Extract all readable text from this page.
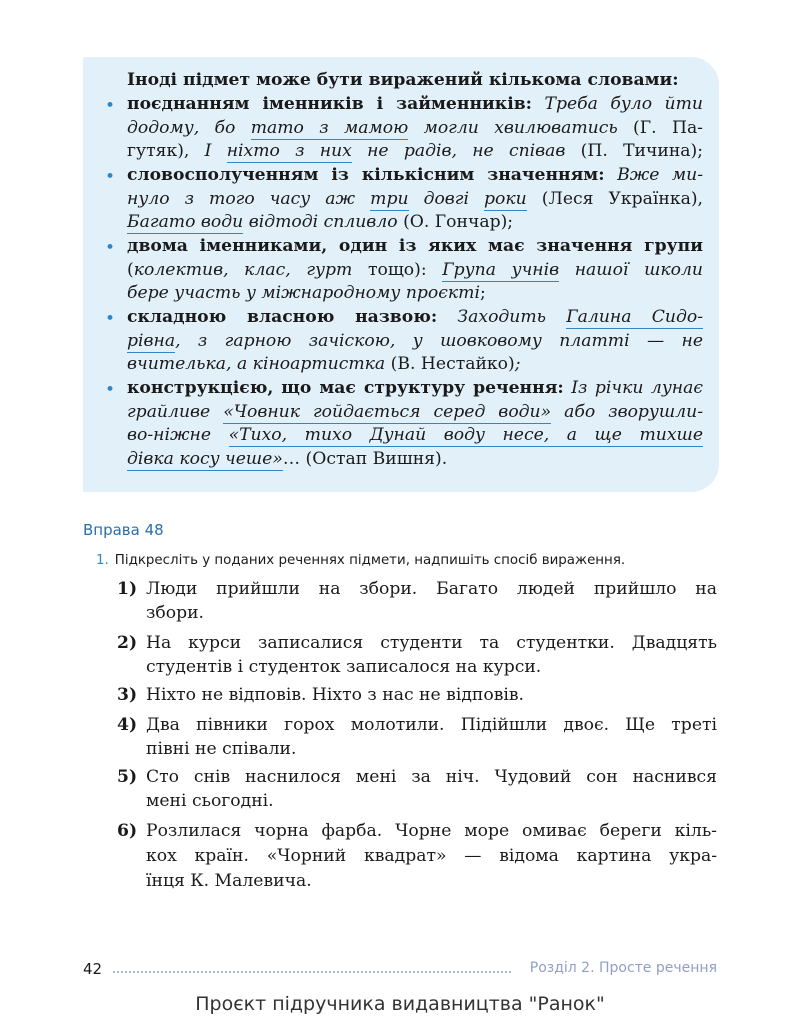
Іноді підмет може бути виражений кількома словами:
• поєднанням іменників і займенників: Треба було йти
додому, бо тато з мамою могли хвилюватись (Г. Па-
гутяк), І ніхто з них не радів, не співав (П. Тичина);
• словосполученням із кількісним значенням: Вже ми-
нуло з того часу аж три довгі роки (Леся Українка),
Багато води відтоді спливло (О. Гончар);
• двома іменниками, один із яких має значення групи
(колектив, клас, гурт тощо): Група учнів нашої школи
бере участь у міжнародному проєкті;
• складною власною назвою: Заходить Галина Сидо-
рівна, з гарною зачіскою, у шовковому платті — не
вчителька, а кіноартистка (В. Нестайко);
• конструкцією, що має структуру речення: Із річки лунає
грайливе «Човник гойдається серед води» або зворушли-
во-ніжне «Тихо, тихо Дунай воду несе, а ще тихше
дівка косу чеше»… (Остап Вишня).
Вправа 48
1. Підкресліть у поданих реченнях підмети, надпишіть спосіб вираження.
1) Люди прийшли на збори. Багато людей прийшло на
збори.
2) На курси записалися студенти та студентки. Двадцять
студентів і студенток записалося на курси.
3) Ніхто не відповів. Ніхто з нас не відповів.
4) Два півники горох молотили. Підійшли двоє. Ще треті
півні не співали.
5) Сто снів наснилося мені за ніч. Чудовий сон наснився
мені сьогодні.
6) Розлилася чорна фарба. Чорне море омиває береги кіль-
кох країн. «Чорний квадрат» — відома картина укра-
їнця К. Малевича.
42	Розділ 2. Просте речення
Проєкт підручника видавництва "Ранок"
